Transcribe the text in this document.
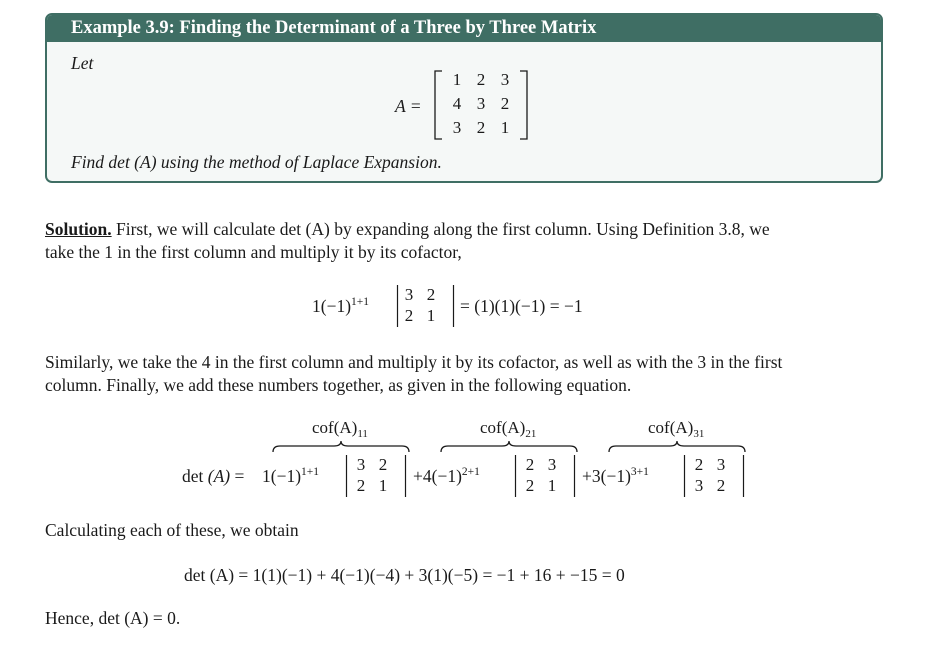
Example 3.9: Finding the Determinant of a Three by Three Matrix
Let
A =
1 2 3
4 3 2
3 2 1
Find det (A) using the method of Laplace Expansion.
Solution. First, we will calculate det (A) by expanding along the first column. Using Definition 3.8, we
take the 1 in the first column and multiply it by its cofactor,
$1(-1)^{1+1}$ 3 2
2 1 = (1)(1)(−1) = −1
Similarly, we take the 4 in the first column and multiply it by its cofactor, as well as with the 3 in the first
column. Finally, we add these numbers together, as given in the following equation.
det (A) =
$cof(A)_{11}$
$1(-1)^{1+1}$ 3 2
2 1
$cof(A)_{21}$
$+4(-1)^{2+1}$	2 3
2 1
$cof(A)_{31}$
$+3(-1)^{3+1}$	2 3
3 2
Calculating each of these, we obtain
det (A) = 1(1)(−1) + 4(−1)(−4) + 3(1)(−5) = −1 + 16 + −15 = 0
Hence, det (A) = 0.
